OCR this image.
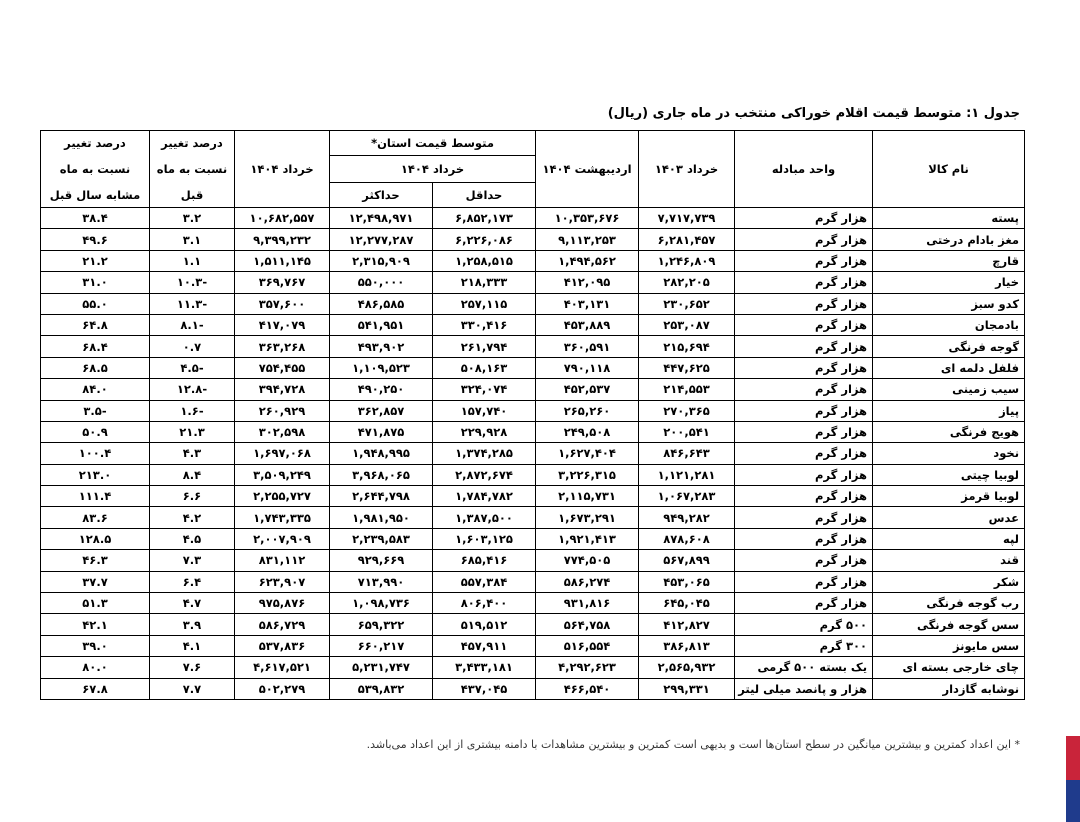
جدول ۱: متوسط قیمت اقلام خوراکی منتخب در ماه جاری (ریال)
نام کالا	واحد مبادله	خرداد ۱۴۰۳	اردیبهشت ۱۴۰۴	متوسط قیمت استان*		خرداد ۱۴۰۴	درصد تغییر	درصد تغییر
				خرداد ۱۴۰۴			نسبت به ماه	نسبت به ماه
				حداقل	حداکثر		قبل	مشابه سال قبل
پسته	هزار گرم	۷,۷۱۷,۷۳۹	۱۰,۳۵۳,۶۷۶	۶,۸۵۲,۱۷۳	۱۲,۴۹۸,۹۷۱	۱۰,۶۸۲,۵۵۷	۳.۲	۳۸.۴
مغز بادام درختی	هزار گرم	۶,۲۸۱,۴۵۷	۹,۱۱۳,۲۵۳	۶,۲۲۶,۰۸۶	۱۲,۲۷۷,۲۸۷	۹,۳۹۹,۲۳۲	۳.۱	۴۹.۶
قارچ	هزار گرم	۱,۲۴۶,۸۰۹	۱,۴۹۴,۵۶۲	۱,۲۵۸,۵۱۵	۲,۳۱۵,۹۰۹	۱,۵۱۱,۱۴۵	۱.۱	۲۱.۲
خیار	هزار گرم	۲۸۲,۲۰۵	۴۱۲,۰۹۵	۲۱۸,۳۳۳	۵۵۰,۰۰۰	۳۶۹,۷۶۷	-۱۰.۳	۳۱.۰
کدو سبز	هزار گرم	۲۳۰,۶۵۲	۴۰۳,۱۳۱	۲۵۷,۱۱۵	۴۸۶,۵۸۵	۳۵۷,۶۰۰	-۱۱.۳	۵۵.۰
بادمجان	هزار گرم	۲۵۳,۰۸۷	۴۵۳,۸۸۹	۳۳۰,۴۱۶	۵۴۱,۹۵۱	۴۱۷,۰۷۹	-۸.۱	۶۴.۸
گوجه فرنگی	هزار گرم	۲۱۵,۶۹۴	۳۶۰,۵۹۱	۲۶۱,۷۹۴	۴۹۳,۹۰۲	۳۶۳,۲۶۸	۰.۷	۶۸.۴
فلفل دلمه ای	هزار گرم	۴۴۷,۶۲۵	۷۹۰,۱۱۸	۵۰۸,۱۶۳	۱,۱۰۹,۵۲۳	۷۵۴,۴۵۵	-۴.۵	۶۸.۵
سیب زمینی	هزار گرم	۲۱۴,۵۵۳	۴۵۲,۵۳۷	۳۲۴,۰۷۴	۴۹۰,۲۵۰	۳۹۴,۷۲۸	-۱۲.۸	۸۴.۰
پیاز	هزار گرم	۲۷۰,۳۶۵	۲۶۵,۲۶۰	۱۵۷,۷۴۰	۳۶۲,۸۵۷	۲۶۰,۹۲۹	-۱.۶	-۳.۵
هویج فرنگی	هزار گرم	۲۰۰,۵۴۱	۲۴۹,۵۰۸	۲۲۹,۹۲۸	۴۷۱,۸۷۵	۳۰۲,۵۹۸	۲۱.۳	۵۰.۹
نخود	هزار گرم	۸۴۶,۶۴۳	۱,۶۲۷,۴۰۴	۱,۳۷۴,۲۸۵	۱,۹۴۸,۹۹۵	۱,۶۹۷,۰۶۸	۴.۳	۱۰۰.۴
لوبیا چیتی	هزار گرم	۱,۱۲۱,۲۸۱	۳,۲۲۶,۳۱۵	۲,۸۷۲,۶۷۴	۳,۹۶۸,۰۶۵	۳,۵۰۹,۲۴۹	۸.۴	۲۱۳.۰
لوبیا قرمز	هزار گرم	۱,۰۶۷,۲۸۳	۲,۱۱۵,۷۳۱	۱,۷۸۴,۷۸۲	۲,۶۴۴,۷۹۸	۲,۲۵۵,۷۲۷	۶.۶	۱۱۱.۴
عدس	هزار گرم	۹۴۹,۲۸۲	۱,۶۷۳,۲۹۱	۱,۳۸۷,۵۰۰	۱,۹۸۱,۹۵۰	۱,۷۴۳,۳۳۵	۴.۲	۸۳.۶
لپه	هزار گرم	۸۷۸,۶۰۸	۱,۹۲۱,۴۱۳	۱,۶۰۳,۱۲۵	۲,۲۳۹,۵۸۳	۲,۰۰۷,۹۰۹	۴.۵	۱۲۸.۵
قند	هزار گرم	۵۶۷,۸۹۹	۷۷۴,۵۰۵	۶۸۵,۴۱۶	۹۲۹,۶۶۹	۸۳۱,۱۱۲	۷.۳	۴۶.۳
شکر	هزار گرم	۴۵۳,۰۶۵	۵۸۶,۲۷۴	۵۵۷,۳۸۴	۷۱۳,۹۹۰	۶۲۳,۹۰۷	۶.۴	۳۷.۷
رب گوجه فرنگی	هزار گرم	۶۴۵,۰۴۵	۹۳۱,۸۱۶	۸۰۶,۴۰۰	۱,۰۹۸,۷۳۶	۹۷۵,۸۷۶	۴.۷	۵۱.۳
سس گوجه فرنگی	۵۰۰ گرم	۴۱۲,۸۲۷	۵۶۴,۷۵۸	۵۱۹,۵۱۲	۶۵۹,۳۲۲	۵۸۶,۷۲۹	۳.۹	۴۲.۱
سس مایونز	۳۰۰ گرم	۳۸۶,۸۱۳	۵۱۶,۵۵۴	۴۵۷,۹۱۱	۶۶۰,۲۱۷	۵۳۷,۸۳۶	۴.۱	۳۹.۰
چای خارجی بسته ای	یک بسته ۵۰۰ گرمی	۲,۵۶۵,۹۳۲	۴,۲۹۲,۶۲۳	۳,۴۳۳,۱۸۱	۵,۲۳۱,۷۴۷	۴,۶۱۷,۵۲۱	۷.۶	۸۰.۰
نوشابه گازدار	هزار و پانصد میلی لیتر	۲۹۹,۳۳۱	۴۶۶,۵۴۰	۴۳۷,۰۴۵	۵۳۹,۸۳۲	۵۰۲,۲۷۹	۷.۷	۶۷.۸
* این اعداد کمترین و بیشترین میانگین در سطح استان‌ها است و بدیهی است کمترین و بیشترین مشاهدات با دامنه بیشتری از این اعداد می‌باشد.
